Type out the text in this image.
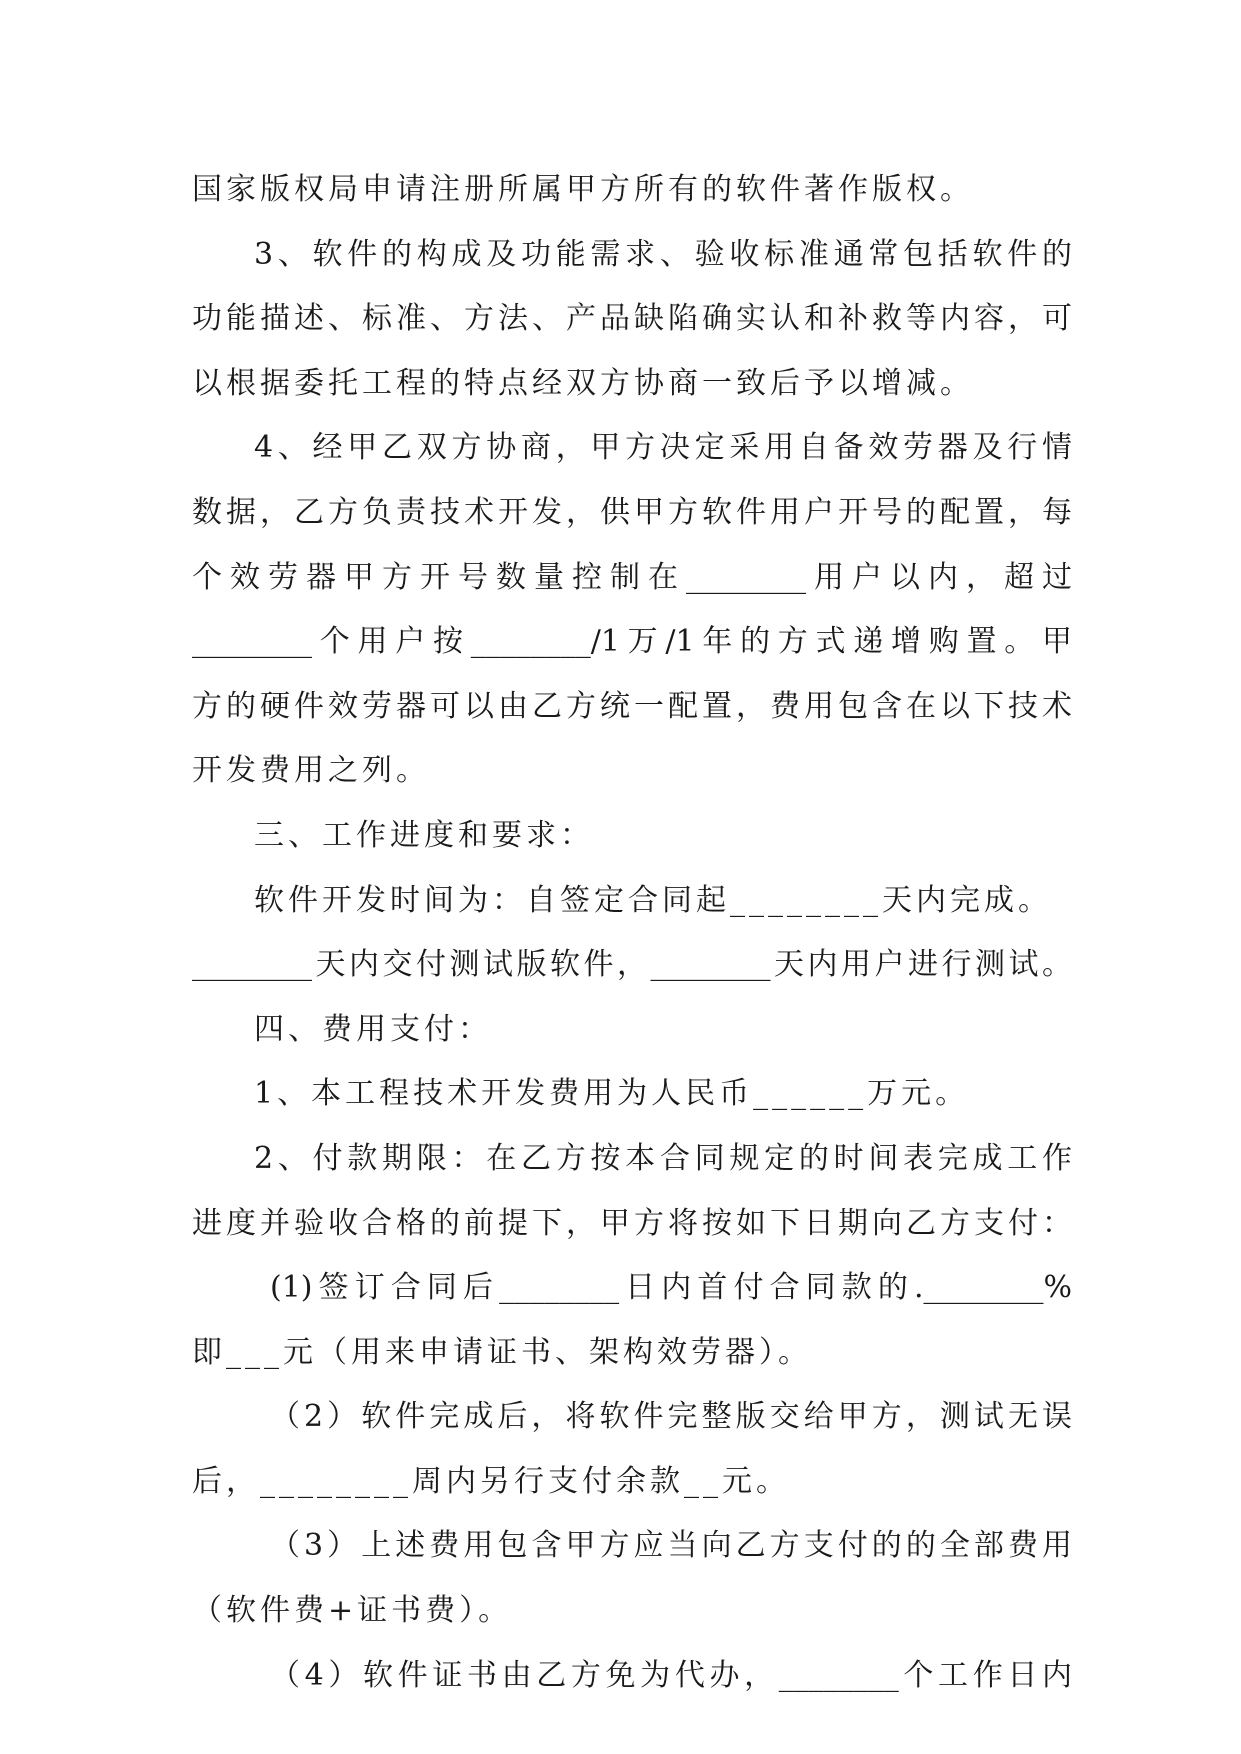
国家版权局申请注册所属甲方所有的软件著作版权。
3、软件的构成及功能需求、验收标准通常包括软件的
功能描述、标准、方法、产品缺陷确实认和补救等内容，可
以根据委托工程的特点经双方协商一致后予以增减。
4、经甲乙双方协商，甲方决定采用自备效劳器及行情
数据，乙方负责技术开发，供甲方软件用户开号的配置，每
个效劳器甲方开号数量控制在________用户以内，超过
________个用户按________/1万/1年的方式递增购置。甲
方的硬件效劳器可以由乙方统一配置，费用包含在以下技术
开发费用之列。
三、工作进度和要求：
软件开发时间为：自签定合同起________天内完成。
________天内交付测试版软件，________天内用户进行测试。
四、费用支付：
1、本工程技术开发费用为人民币______万元。
2、付款期限：在乙方按本合同规定的时间表完成工作
进度并验收合格的前提下，甲方将按如下日期向乙方支付：
(1)签订合同后________日内首付合同款的.________%
即___元（用来申请证书、架构效劳器）。
（2）软件完成后，将软件完整版交给甲方，测试无误
后，________周内另行支付余款__元。
（3）上述费用包含甲方应当向乙方支付的的全部费用
（软件费+证书费）。
（4）软件证书由乙方免为代办，________个工作日内
